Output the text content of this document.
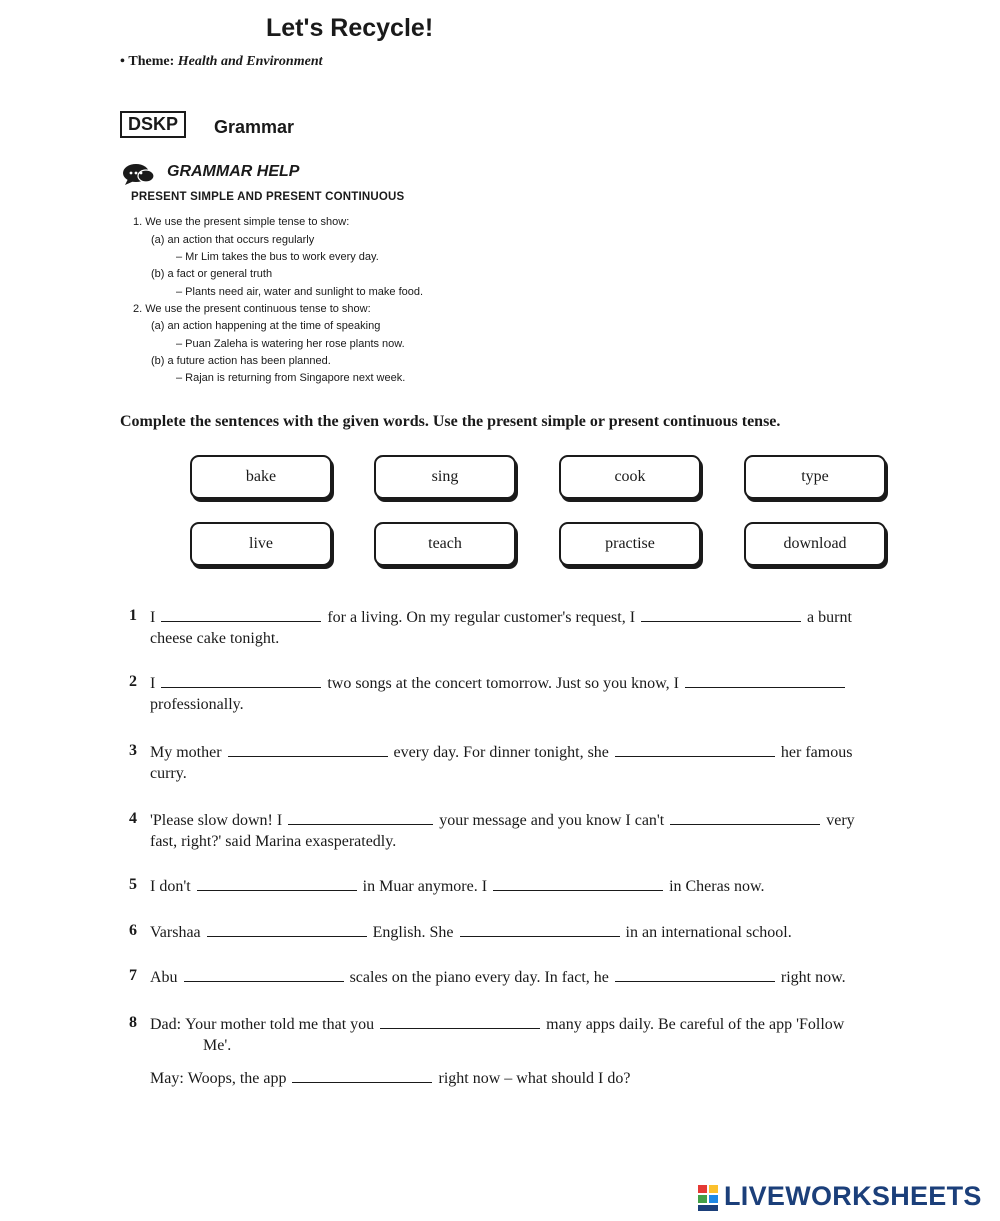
Let's Recycle!
• Theme: Health and Environment
DSKP	Grammar
GRAMMAR HELP
PRESENT SIMPLE AND PRESENT CONTINUOUS
1. We use the present simple tense to show:
(a) an action that occurs regularly
– Mr Lim takes the bus to work every day.
(b) a fact or general truth
– Plants need air, water and sunlight to make food.
2. We use the present continuous tense to show:
(a) an action happening at the time of speaking
– Puan Zaleha is watering her rose plants now.
(b) a future action has been planned.
– Rajan is returning from Singapore next week.
Complete the sentences with the given words. Use the present simple or present continuous tense.
bake	sing	cook	type
live	teach	practise	download
1 I	for a living. On my regular customer's request, I	a burnt
cheese cake tonight.
2 I	two songs at the concert tomorrow. Just so you know, I
professionally.
3 My mother	every day. For dinner tonight, she	her famous
curry.
4 'Please slow down! I	your message and you know I can't	very
fast, right?' said Marina exasperatedly.
5 I don't	in Muar anymore. I	in Cheras now.
6 Varshaa	English. She	in an international school.
7 Abu	scales on the piano every day. In fact, he	right now.
8 Dad: Your mother told me that you	many apps daily. Be careful of the app 'Follow
Me'.
May: Woops, the app	right now – what should I do?
LIVEWORKSHEETS
